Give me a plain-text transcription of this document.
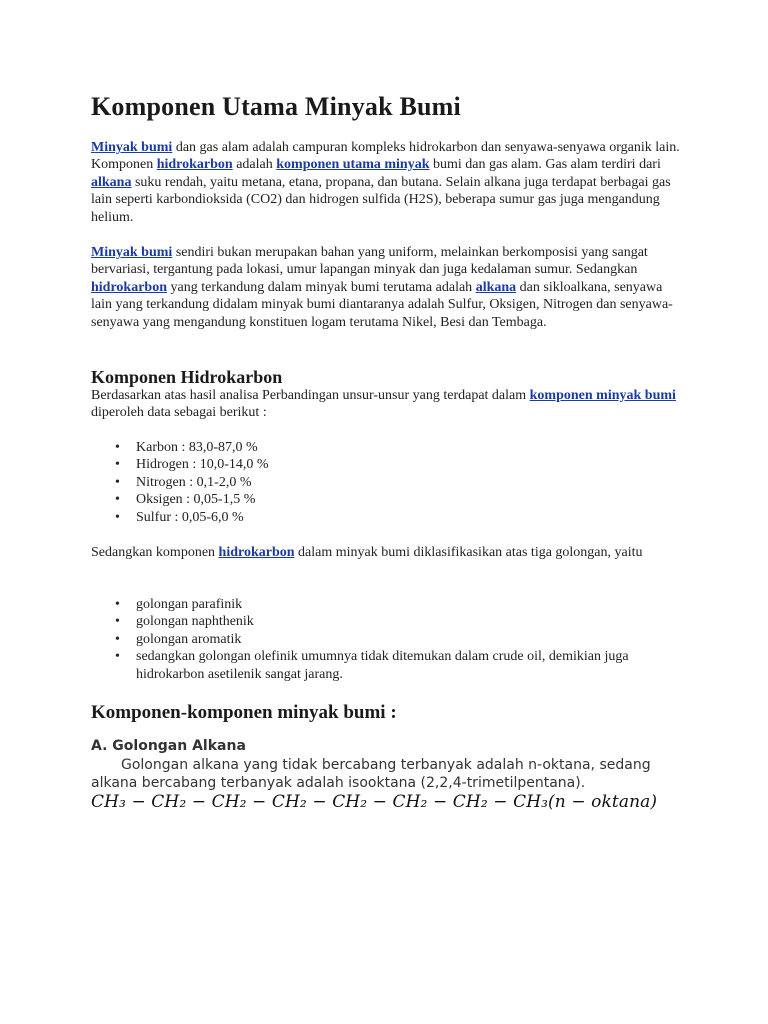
Komponen Utama Minyak Bumi

Minyak bumi dan gas alam adalah campuran kompleks hidrokarbon dan senyawa-senyawa organik lain. Komponen hidrokarbon adalah komponen utama minyak bumi dan gas alam. Gas alam terdiri dari alkana suku rendah, yaitu metana, etana, propana, dan butana. Selain alkana juga terdapat berbagai gas lain seperti karbondioksida (CO2) dan hidrogen sulfida (H2S), beberapa sumur gas juga mengandung helium.

Minyak bumi sendiri bukan merupakan bahan yang uniform, melainkan berkomposisi yang sangat bervariasi, tergantung pada lokasi, umur lapangan minyak dan juga kedalaman sumur. Sedangkan hidrokarbon yang terkandung dalam minyak bumi terutama adalah alkana dan sikloalkana, senyawa lain yang terkandung didalam minyak bumi diantaranya adalah Sulfur, Oksigen, Nitrogen dan senyawa-senyawa yang mengandung konstituen logam terutama Nikel, Besi dan Tembaga.

Komponen Hidrokarbon

Berdasarkan atas hasil analisa Perbandingan unsur-unsur yang terdapat dalam komponen minyak bumi diperoleh data sebagai berikut :

• Karbon : 83,0-87,0 %
• Hidrogen : 10,0-14,0 %
• Nitrogen : 0,1-2,0 %
• Oksigen : 0,05-1,5 %
• Sulfur : 0,05-6,0 %

Sedangkan komponen hidrokarbon dalam minyak bumi diklasifikasikan atas tiga golongan, yaitu

• golongan parafinik
• golongan naphthenik
• golongan aromatik
• sedangkan golongan olefinik umumnya tidak ditemukan dalam crude oil, demikian juga hidrokarbon asetilenik sangat jarang.
Komponen-komponen minyak bumi :
A. Golongan Alkana

Golongan alkana yang tidak bercabang terbanyak adalah n-oktana, sedang alkana bercabang terbanyak adalah isooktana (2,2,4-trimetilpentana).

CH₃ − CH₂ − CH₂ − CH₂ − CH₂ − CH₂ − CH₂ − CH₃(n − oktana)
